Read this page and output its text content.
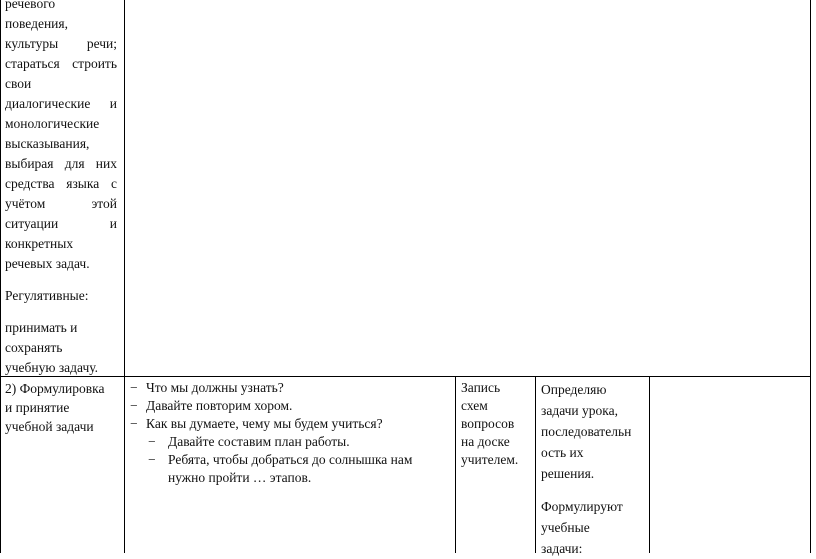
речевого

поведения,

культуры речи;

стараться строить

свои

диалогические и

монологические

высказывания,

выбирая для них

средства языка с

учётом этой

ситуации и

конкретных

речевых задач.

Регулятивные:

принимать и

сохранять

учебную задачу.

2) Формулировка
и принятие
учебной задачи
− Что мы должны узнать?
− Давайте повторим хором.
− Как вы думаете, чему мы будем учиться?
− Давайте составим план работы.
− Ребята, чтобы добраться до солнышка нам нужно пройти … этапов.
Запись
схем
вопросов
на доске
учителем.

Определяю

задачи урока,

последовательн

ость их

решения.

Формулируют

учебные

задачи:
